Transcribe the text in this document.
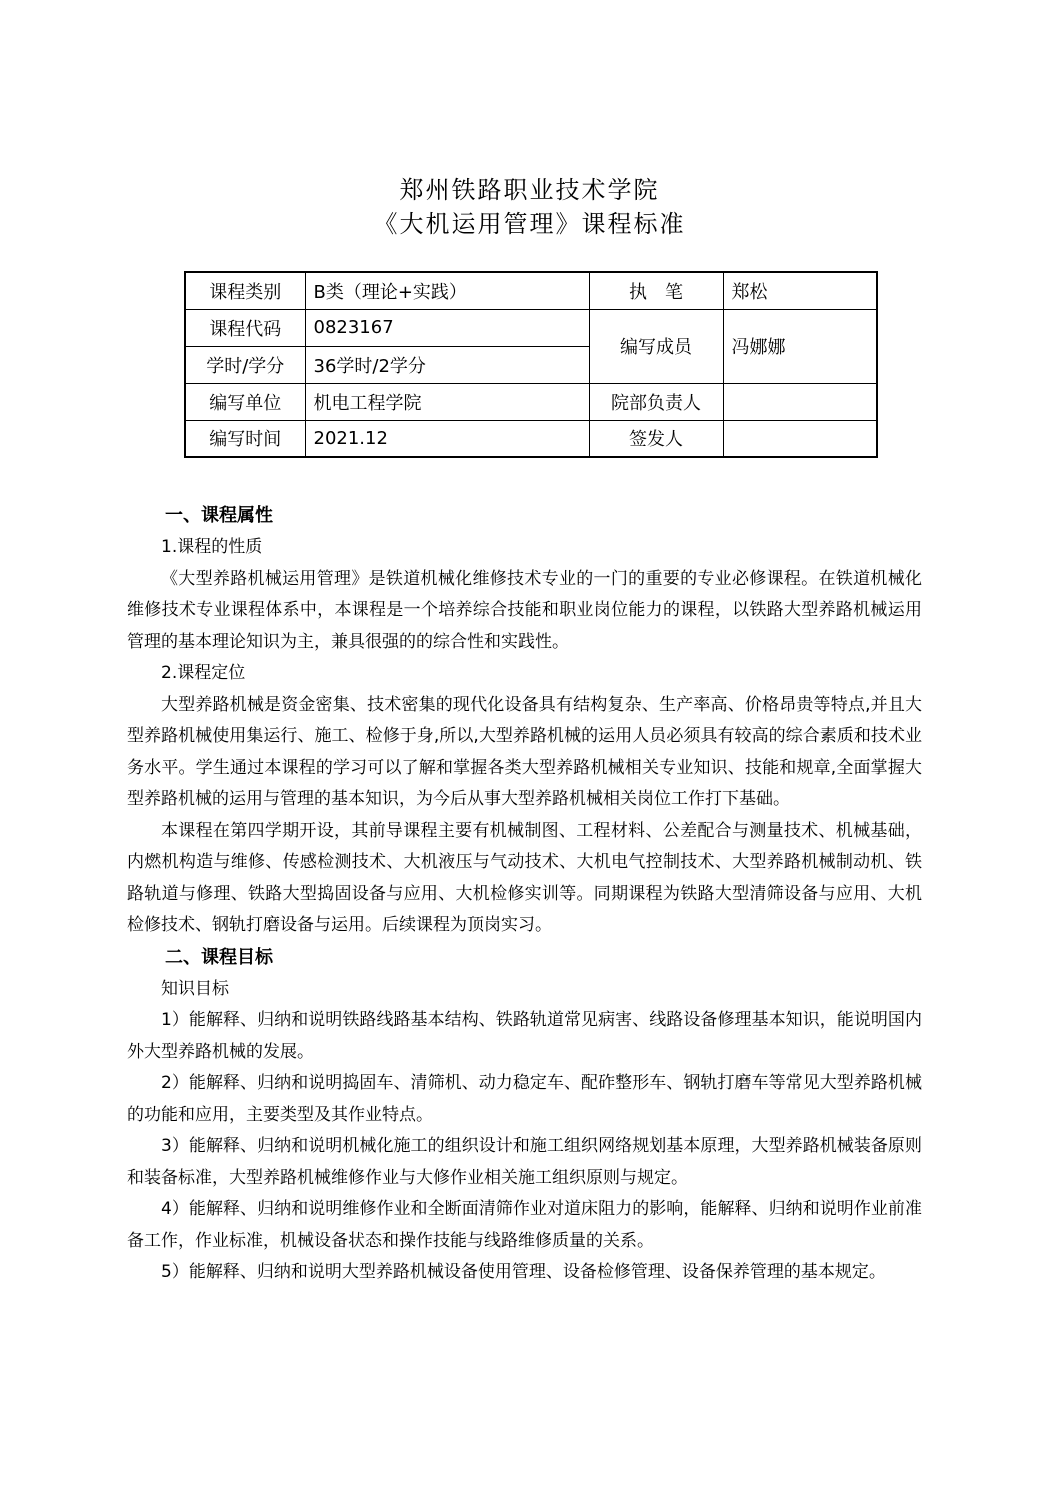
郑州铁路职业技术学院
《大机运用管理》课程标准
课程类别	B类（理论+实践）	执　笔	郑松
课程代码	0823167	编写成员	冯娜娜
学时/学分	36学时/2学分		
编写单位	机电工程学院	院部负责人	
编写时间	2021.12	签发人	

一、课程属性

1.课程的性质

《大型养路机械运用管理》是铁道机械化维修技术专业的一门的重要的专业必修课程。在铁道机械化维修技术专业课程体系中，本课程是一个培养综合技能和职业岗位能力的课程，以铁路大型养路机械运用管理的基本理论知识为主，兼具很强的的综合性和实践性。

2.课程定位

大型养路机械是资金密集、技术密集的现代化设备具有结构复杂、生产率高、价格昂贵等特点,并且大型养路机械使用集运行、施工、检修于身,所以,大型养路机械的运用人员必须具有较高的综合素质和技术业务水平。学生通过本课程的学习可以了解和掌握各类大型养路机械相关专业知识、技能和规章,全面掌握大型养路机械的运用与管理的基本知识，为今后从事大型养路机械相关岗位工作打下基础。

本课程在第四学期开设，其前导课程主要有机械制图、工程材料、公差配合与测量技术、机械基础，内燃机构造与维修、传感检测技术、大机液压与气动技术、大机电气控制技术、大型养路机械制动机、铁路轨道与修理、铁路大型捣固设备与应用、大机检修实训等。同期课程为铁路大型清筛设备与应用、大机检修技术、钢轨打磨设备与运用。后续课程为顶岗实习。

二、课程目标

知识目标

1）能解释、归纳和说明铁路线路基本结构、铁路轨道常见病害、线路设备修理基本知识，能说明国内外大型养路机械的发展。

2）能解释、归纳和说明捣固车、清筛机、动力稳定车、配砟整形车、钢轨打磨车等常见大型养路机械的功能和应用，主要类型及其作业特点。

3）能解释、归纳和说明机械化施工的组织设计和施工组织网络规划基本原理，大型养路机械装备原则和装备标准，大型养路机械维修作业与大修作业相关施工组织原则与规定。

4）能解释、归纳和说明维修作业和全断面清筛作业对道床阻力的影响，能解释、归纳和说明作业前准备工作，作业标准，机械设备状态和操作技能与线路维修质量的关系。

5）能解释、归纳和说明大型养路机械设备使用管理、设备检修管理、设备保养管理的基本规定。
